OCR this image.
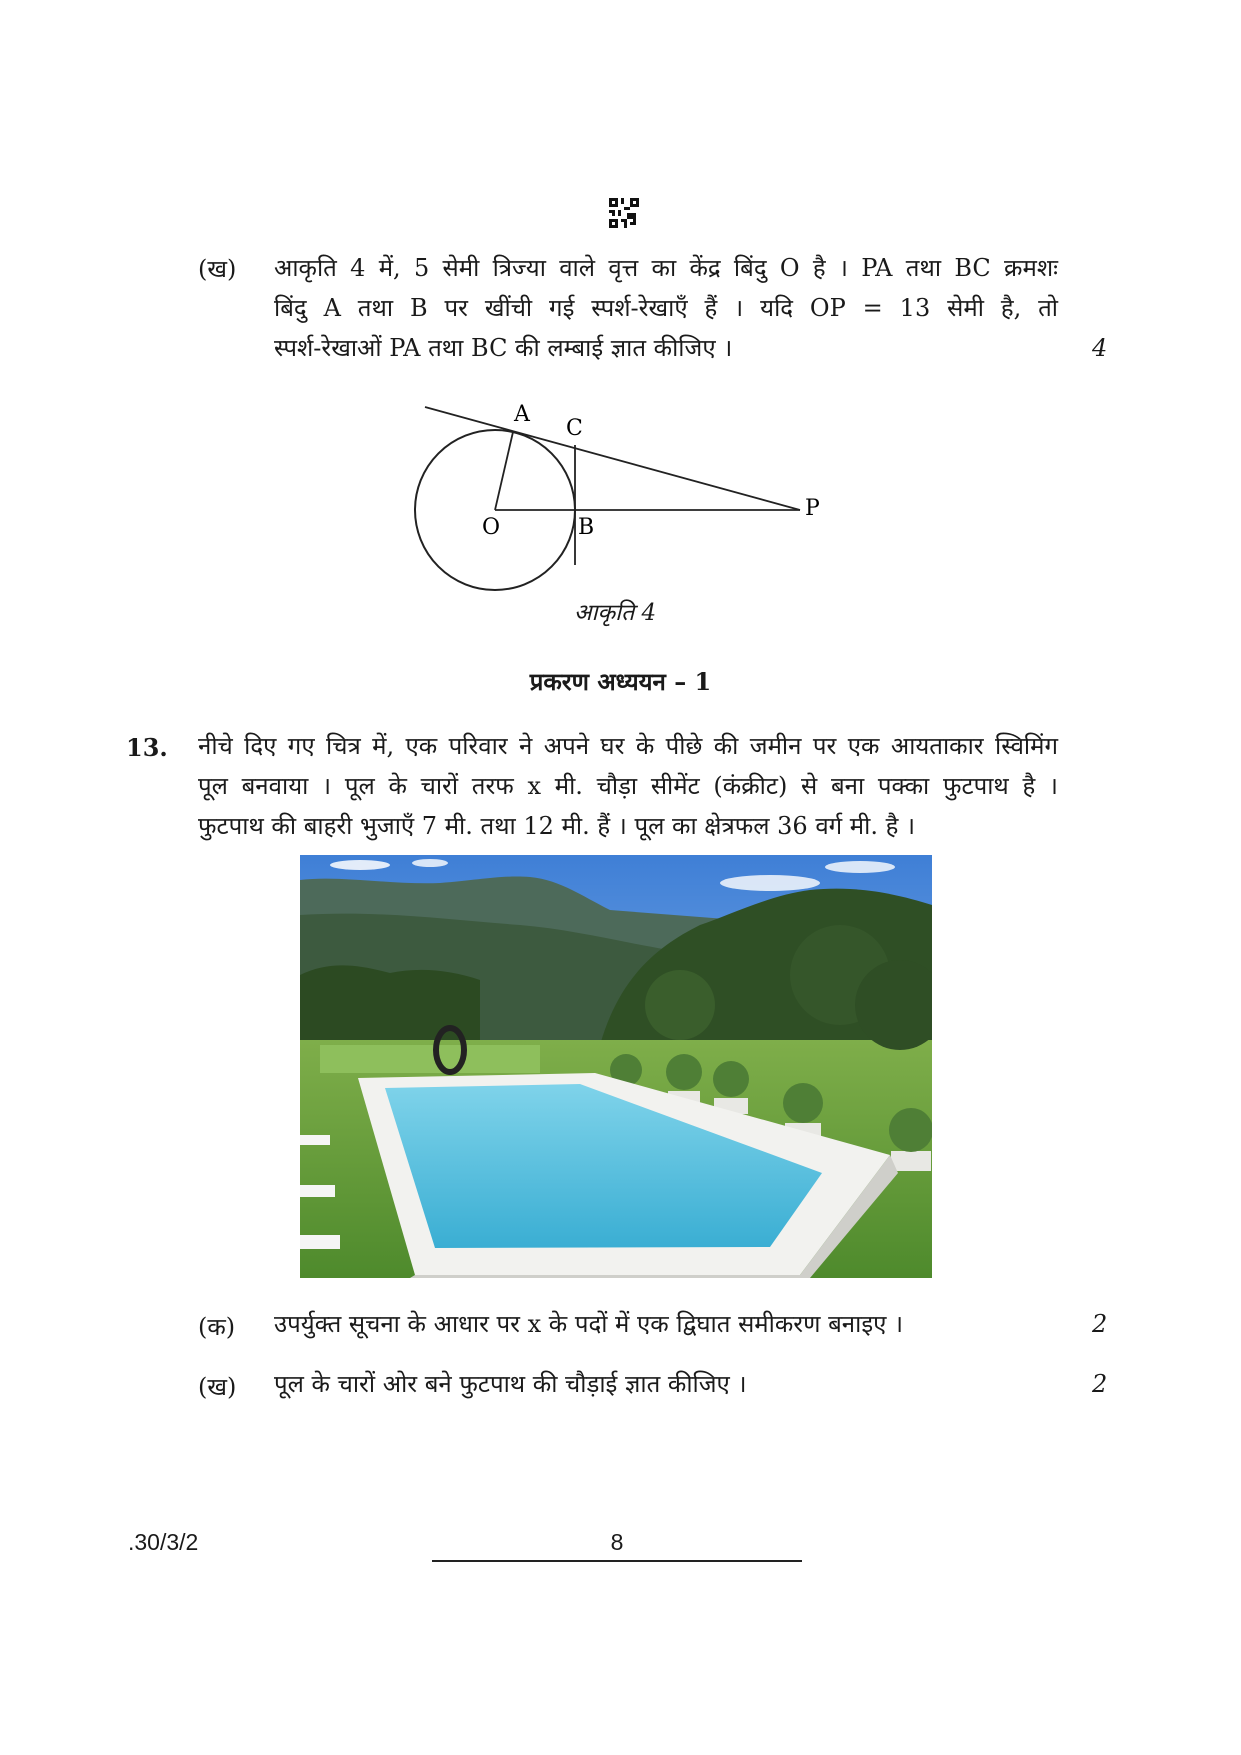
(ख) आकृति 4 में, 5 सेमी त्रिज्या वाले वृत्त का केंद्र बिंदु O है । PA तथा BC क्रमशः
बिंदु A तथा B पर खींची गई स्पर्श-रेखाएँ हैं । यदि OP = 13 सेमी है, तो
स्पर्श-रेखाओं PA तथा BC की लम्बाई ज्ञात कीजिए ।	4
A
C
O	B
P
आकृति 4
प्रकरण अध्ययन – 1
13. नीचे दिए गए चित्र में, एक परिवार ने अपने घर के पीछे की जमीन पर एक आयताकार स्विमिंग
पूल बनवाया । पूल के चारों तरफ x मी. चौड़ा सीमेंट (कंक्रीट) से बना पक्का फुटपाथ है ।
फुटपाथ की बाहरी भुजाएँ 7 मी. तथा 12 मी. हैं । पूल का क्षेत्रफल 36 वर्ग मी. है ।
(क) उपर्युक्त सूचना के आधार पर x के पदों में एक द्विघात समीकरण बनाइए ।	2
(ख) पूल के चारों ओर बने फुटपाथ की चौड़ाई ज्ञात कीजिए ।	2
.30/3/2	8
